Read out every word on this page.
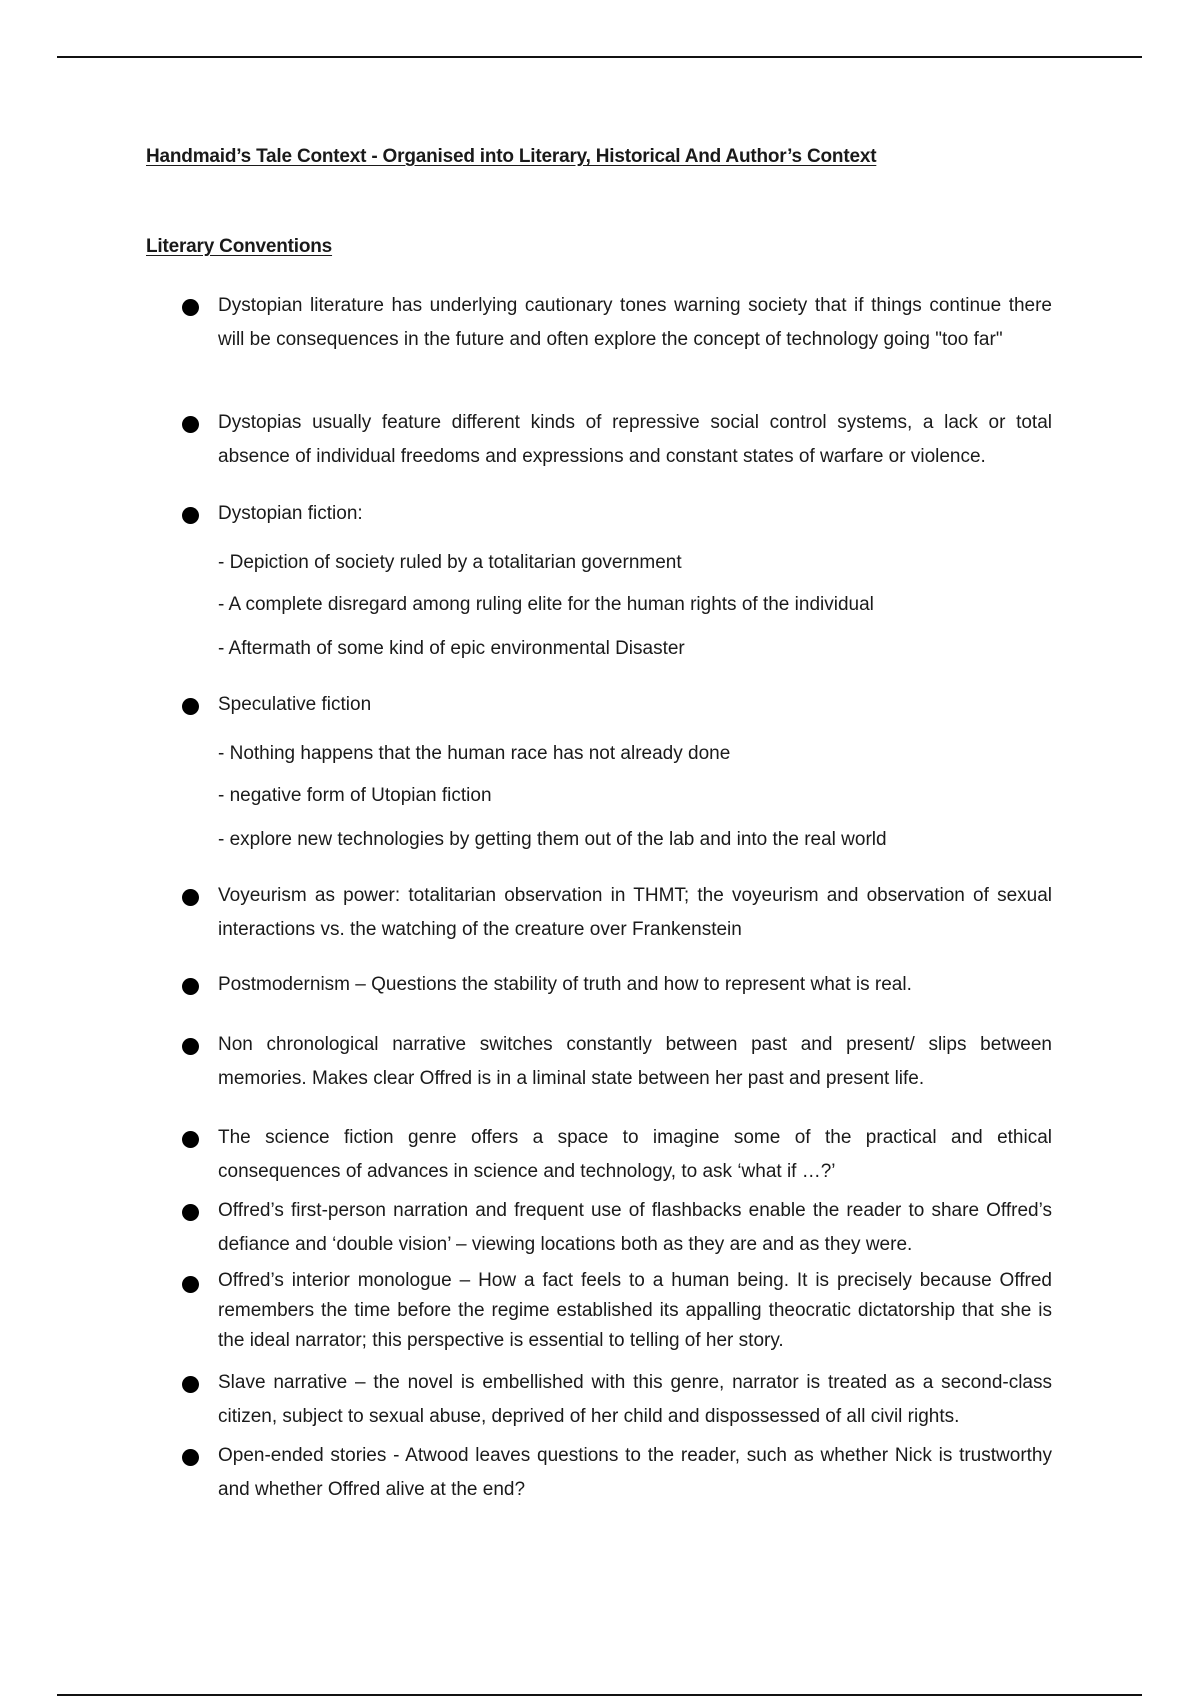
Handmaid’s Tale Context - Organised into Literary, Historical And Author’s Context
Literary Conventions
Dystopian literature has underlying cautionary tones warning society that if things continue there will be consequences in the future and often explore the concept of technology going "too far"
Dystopias usually feature different kinds of repressive social control systems, a lack or total absence of individual freedoms and expressions and constant states of warfare or violence.
Dystopian fiction:
- Depiction of society ruled by a totalitarian government
- A complete disregard among ruling elite for the human rights of the individual
- Aftermath of some kind of epic environmental Disaster
Speculative fiction
- Nothing happens that the human race has not already done
- negative form of Utopian fiction
- explore new technologies by getting them out of the lab and into the real world
Voyeurism as power: totalitarian observation in THMT; the voyeurism and observation of sexual interactions vs. the watching of the creature over Frankenstein
Postmodernism – Questions the stability of truth and how to represent what is real.
Non chronological narrative switches constantly between past and present/ slips between memories. Makes clear Offred is in a liminal state between her past and present life.
The science fiction genre offers a space to imagine some of the practical and ethical consequences of advances in science and technology, to ask ‘what if …?’
Offred’s first-person narration and frequent use of flashbacks enable the reader to share Offred’s defiance and ‘double vision’ – viewing locations both as they are and as they were.
Offred’s interior monologue – How a fact feels to a human being. It is precisely because Offred remembers the time before the regime established its appalling theocratic dictatorship that she is the ideal narrator; this perspective is essential to telling of her story.
Slave narrative – the novel is embellished with this genre, narrator is treated as a second-class citizen, subject to sexual abuse, deprived of her child and dispossessed of all civil rights.
Open-ended stories - Atwood leaves questions to the reader, such as whether Nick is trustworthy and whether Offred alive at the end?
